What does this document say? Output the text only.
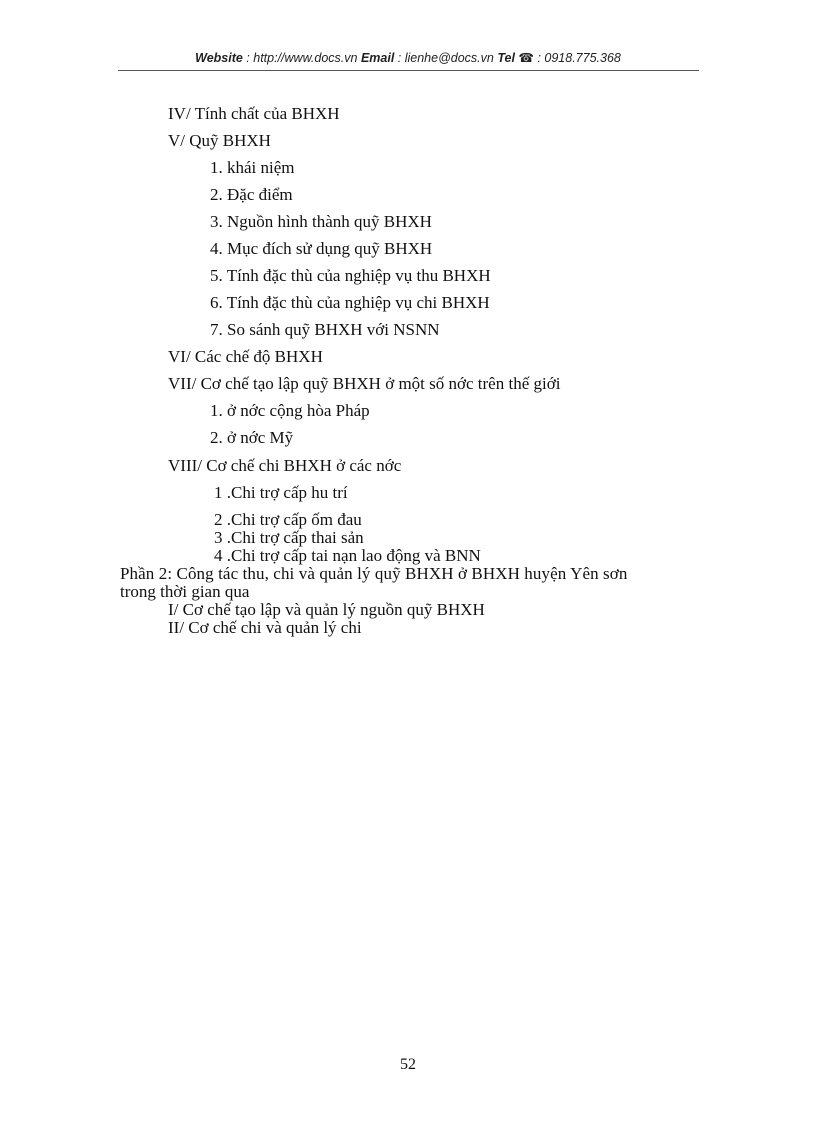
Website : http://www.docs.vn Email : lienhe@docs.vn Tel ☎ : 0918.775.368
IV/ Tính chất của BHXH
V/ Quỹ BHXH
1. khái niệm
2. Đặc điểm
3. Nguồn hình thành quỹ BHXH
4. Mục đích sử dụng quỹ BHXH
5. Tính đặc thù của nghiệp vụ thu BHXH
6. Tính đặc thù của nghiệp vụ chi BHXH
7. So sánh quỹ BHXH với NSNN
VI/ Các chế độ BHXH
VII/ Cơ chế tạo lập quỹ BHXH ở một số nớc trên thế giới
1. ở nớc cộng hòa Pháp
2. ở nớc Mỹ
VIII/ Cơ chế chi BHXH ở các nớc
1 .Chi trợ cấp hu trí
2 .Chi trợ cấp ốm đau
3 .Chi trợ cấp thai sản
4 .Chi trợ cấp tai nạn lao động và BNN
Phần 2: Công tác thu, chi và quản lý quỹ BHXH ở BHXH huyện Yên sơn
trong thời gian qua
I/ Cơ chế tạo lập và quản lý nguồn quỹ BHXH
II/ Cơ chế chi và quản lý chi
52
